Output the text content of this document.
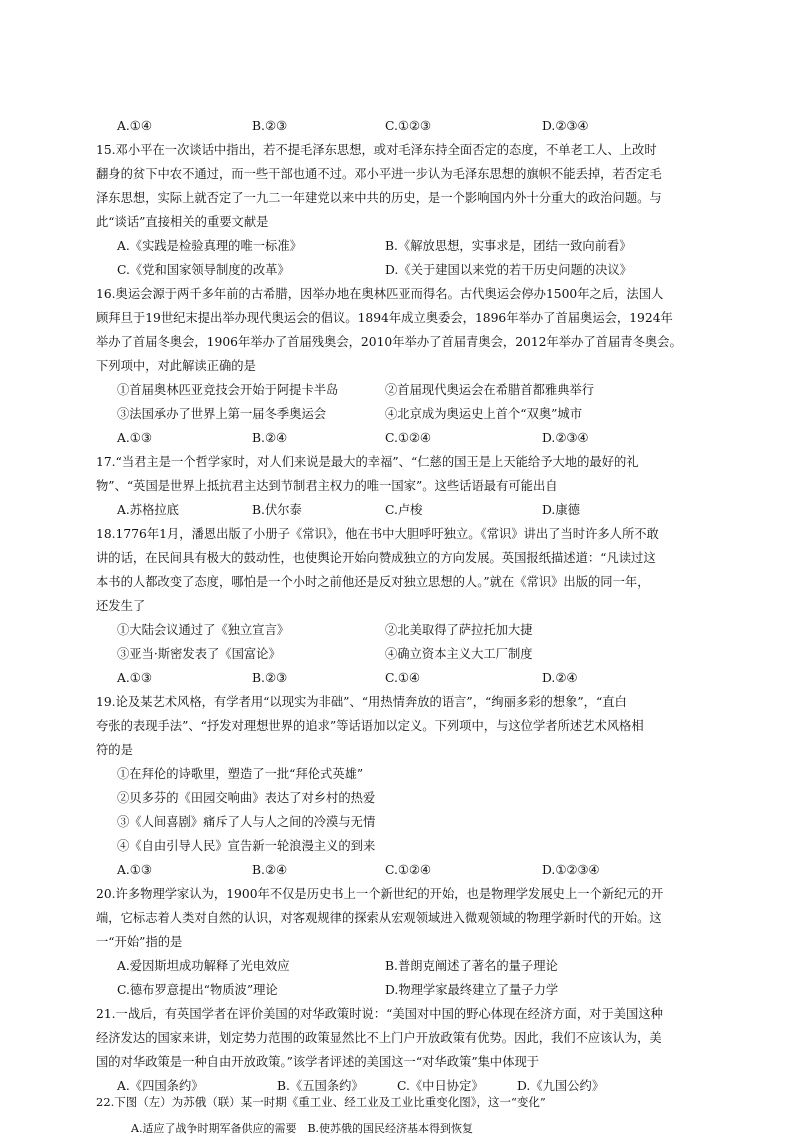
A.①④	B.②③	C.①②③	D.②③④
15.邓小平在一次谈话中指出，若不提毛泽东思想，或对毛泽东持全面否定的态度，不单老工人、上改时
翻身的贫下中农不通过，而一些干部也通不过。邓小平进一步认为毛泽东思想的旗帜不能丢掉，若否定毛
泽东思想，实际上就否定了一九二一年建党以来中共的历史，是一个影响国内外十分重大的政治问题。与
此“谈话”直接相关的重要文献是
A.《实践是检验真理的唯一标准》	B.《解放思想，实事求是，团结一致向前看》
C.《党和国家领导制度的改革》	D.《关于建国以来党的若干历史问题的决议》
16.奥运会源于两千多年前的古希腊，因举办地在奥林匹亚而得名。古代奥运会停办1500年之后，法国人
顾拜旦于19世纪末提出举办现代奥运会的倡议。1894年成立奥委会，1896年举办了首届奥运会，1924年
举办了首届冬奥会，1906年举办了首届残奥会，2010年举办了首届青奥会，2012年举办了首届青冬奥会。
下列项中，对此解读正确的是
①首届奥林匹亚竞技会开始于阿提卡半岛	②首届现代奥运会在希腊首都雅典举行
③法国承办了世界上第一届冬季奥运会	④北京成为奥运史上首个“双奥”城市
A.①③	B.②④	C.①②④	D.②③④
17.“当君主是一个哲学家时，对人们来说是最大的幸福”、“仁慈的国王是上天能给予大地的最好的礼
物”、“英国是世界上抵抗君主达到节制君主权力的唯一国家”。这些话语最有可能出自
A.苏格拉底	B.伏尔泰	C.卢梭	D.康德
18.1776年1月，潘恩出版了小册子《常识》，他在书中大胆呼吁独立。《常识》讲出了当时许多人所不敢
讲的话，在民间具有极大的鼓动性，也使舆论开始向赞成独立的方向发展。英国报纸描述道：“凡读过这
本书的人都改变了态度，哪怕是一个小时之前他还是反对独立思想的人。”就在《常识》出版的同一年，
还发生了
①大陆会议通过了《独立宣言》	②北美取得了萨拉托加大捷
③亚当·斯密发表了《国富论》	④确立资本主义大工厂制度
A.①③	B.②③	C.①④	D.②④
19.论及某艺术风格，有学者用“以现实为非础”、“用热情奔放的语言”，“绚丽多彩的想象”，“直白
夸张的表现手法”、“抒发对理想世界的追求”等话语加以定义。下列项中，与这位学者所述艺术风格相
符的是
①在拜伦的诗歌里，塑造了一批“拜伦式英雄”
②贝多芬的《田园交响曲》表达了对乡村的热爱
③《人间喜剧》痛斥了人与人之间的冷漠与无情
④《自由引导人民》宣告新一轮浪漫主义的到来
A.①③	B.②④	C.①②④	D.①②③④
20.许多物理学家认为，1900年不仅是历史书上一个新世纪的开始，也是物理学发展史上一个新纪元的开
端，它标志着人类对自然的认识，对客观规律的探索从宏观领域进入微观领域的物理学新时代的开始。这
一“开始”指的是
A.爱因斯坦成功解释了光电效应	B.普朗克阐述了著名的量子理论
C.德布罗意提出“物质波”理论	D.物理学家最终建立了量子力学
21.一战后，有英国学者在评价美国的对华政策时说：“美国对中国的野心体现在经济方面，对于美国这种
经济发达的国家来讲，划定势力范围的政策显然比不上门户开放政策有优势。因此，我们不应该认为，美
国的对华政策是一种自由开放政策。”该学者评述的美国这一“对华政策”集中体现于
A.《四国条约》	B.《五国条约》	C.《中日协定》	D.《九国公约》
22.下图（左）为苏俄（联）某一时期《重工业、经工业及工业比重变化图》，这一“变化”

A.适应了战争时期军备供应的需要　 B.使苏俄的国民经济基本得到恢复
